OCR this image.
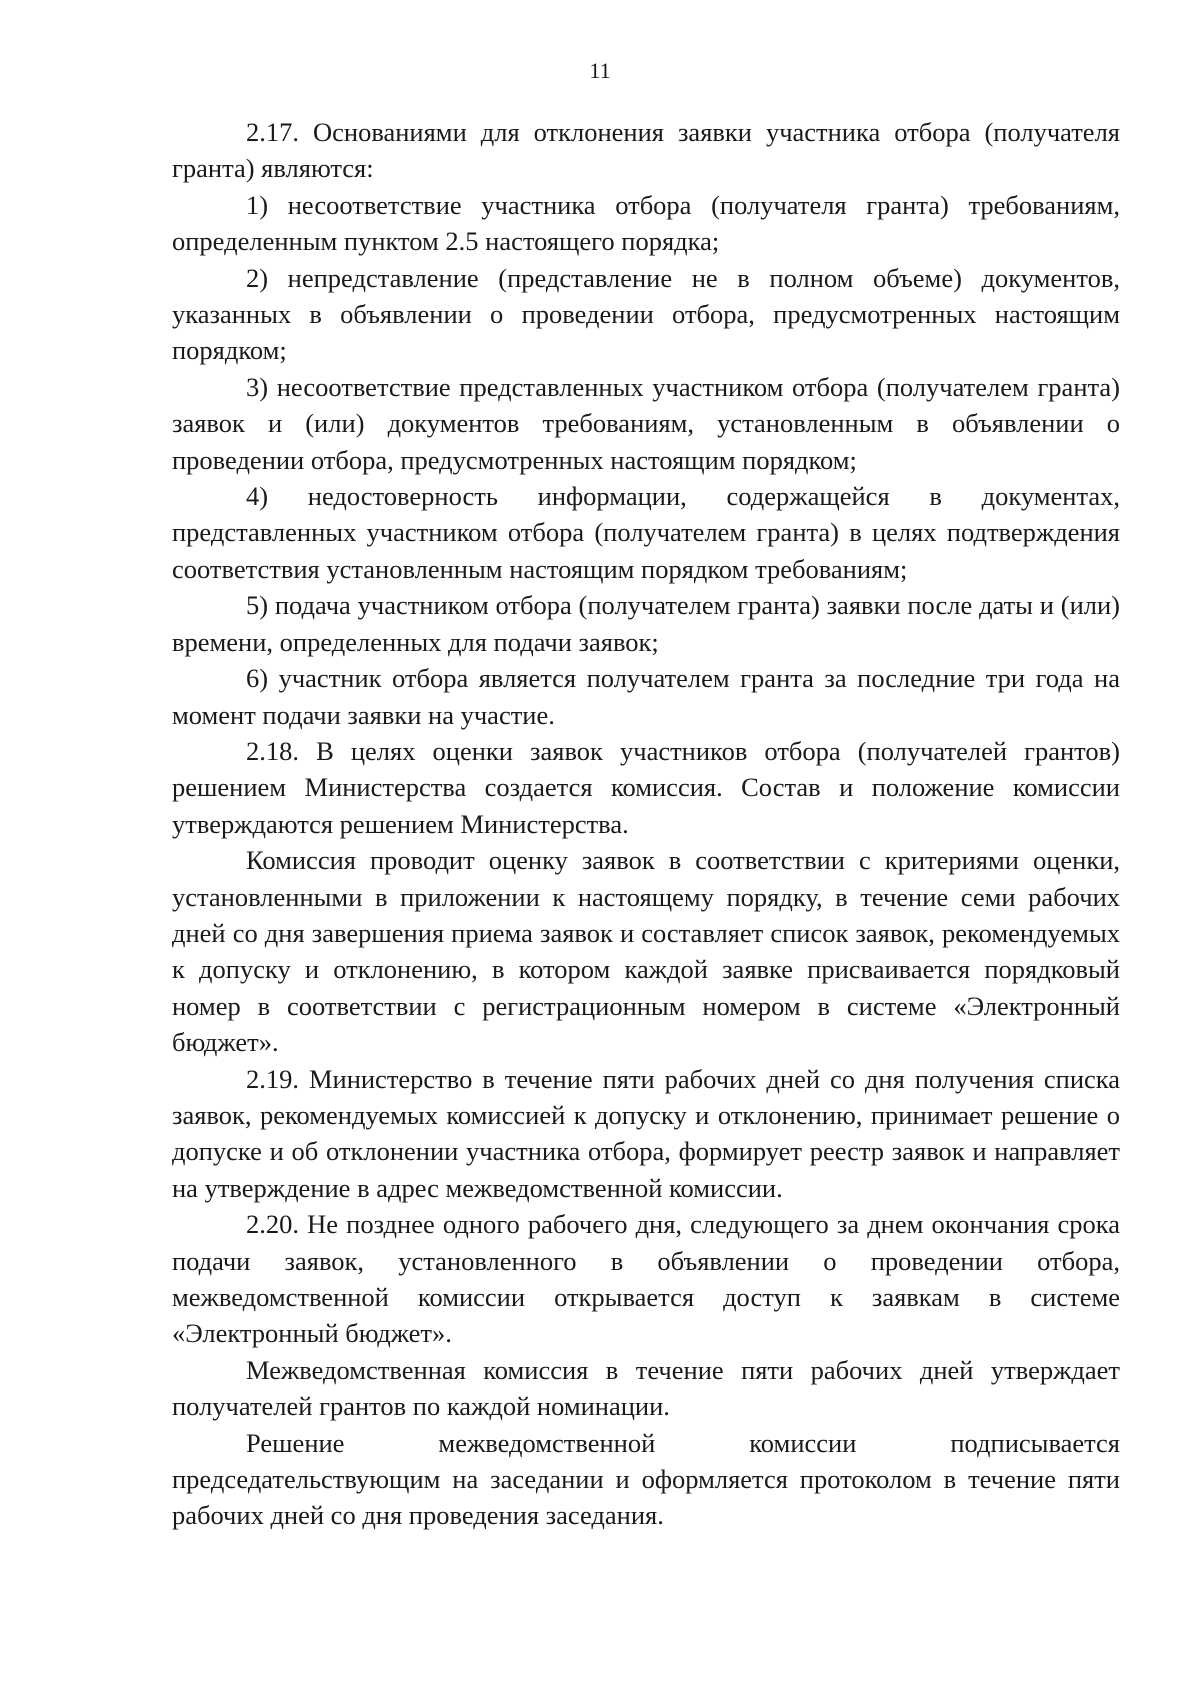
11

2.17. Основаниями для отклонения заявки участника отбора (получателя гранта) являются:

1) несоответствие участника отбора (получателя гранта) требованиям, определенным пунктом 2.5 настоящего порядка;

2) непредставление (представление не в полном объеме) документов, указанных в объявлении о проведении отбора, предусмотренных настоящим порядком;

3) несоответствие представленных участником отбора (получателем гранта) заявок и (или) документов требованиям, установленным в объявлении о проведении отбора, предусмотренных настоящим порядком;

4) недостоверность информации, содержащейся в документах, представленных участником отбора (получателем гранта) в целях подтверждения соответствия установленным настоящим порядком требованиям;

5) подача участником отбора (получателем гранта) заявки после даты и (или) времени, определенных для подачи заявок;

6) участник отбора является получателем гранта за последние три года на момент подачи заявки на участие.

2.18. В целях оценки заявок участников отбора (получателей грантов) решением Министерства создается комиссия. Состав и положение комиссии утверждаются решением Министерства.

Комиссия проводит оценку заявок в соответствии с критериями оценки, установленными в приложении к настоящему порядку, в течение семи рабочих дней со дня завершения приема заявок и составляет список заявок, рекомендуемых к допуску и отклонению, в котором каждой заявке присваивается порядковый номер в соответствии с регистрационным номером в системе «Электронный бюджет».

2.19. Министерство в течение пяти рабочих дней со дня получения списка заявок, рекомендуемых комиссией к допуску и отклонению, принимает решение о допуске и об отклонении участника отбора, формирует реестр заявок и направляет на утверждение в адрес межведомственной комиссии.

2.20. Не позднее одного рабочего дня, следующего за днем окончания срока подачи заявок, установленного в объявлении о проведении отбора, межведомственной комиссии открывается доступ к заявкам в системе «Электронный бюджет».

Межведомственная комиссия в течение пяти рабочих дней утверждает получателей грантов по каждой номинации.

Решение межведомственной комиссии подписывается председательствующим на заседании и оформляется протоколом в течение пяти рабочих дней со дня проведения заседания.
